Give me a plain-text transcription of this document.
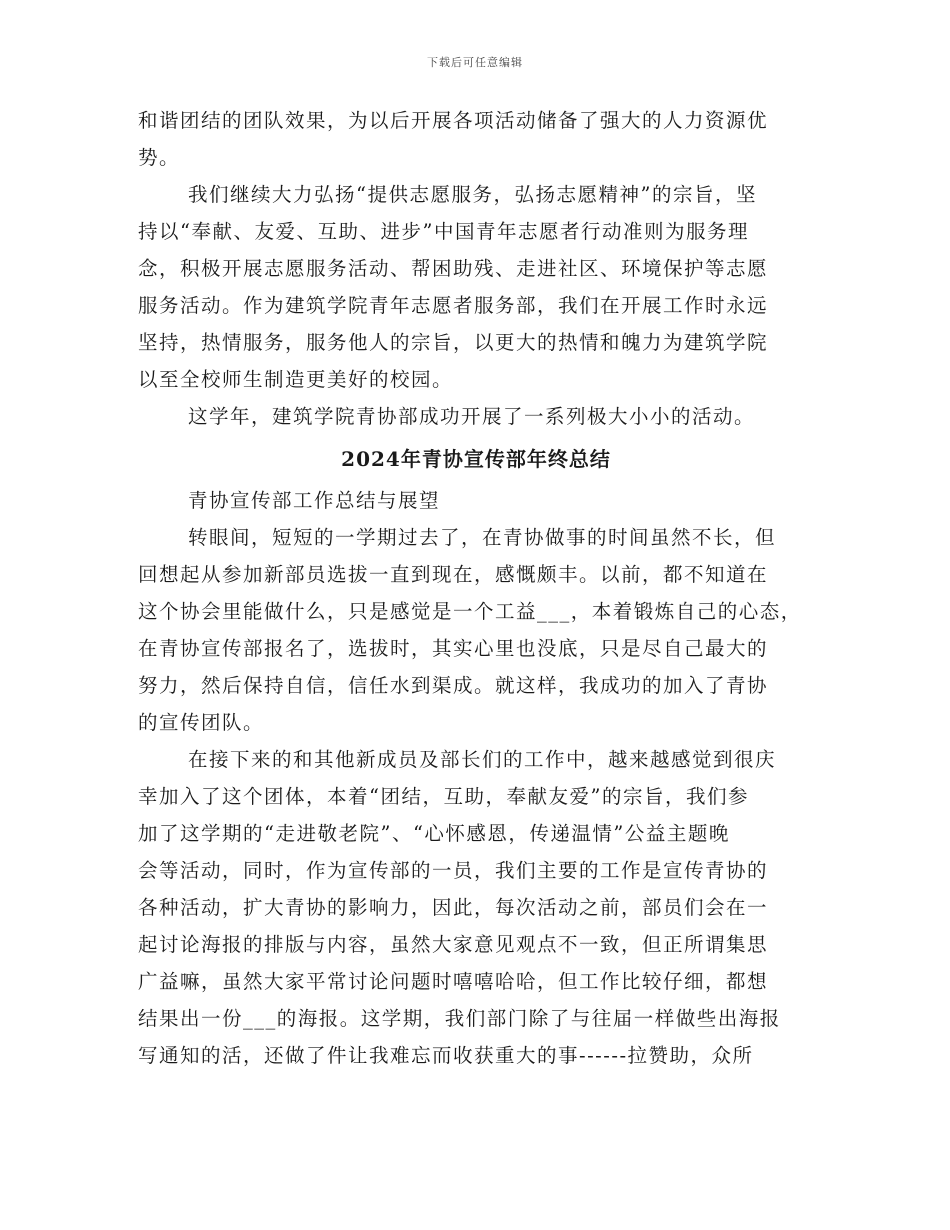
下载后可任意编辑
和谐团结的团队效果，为以后开展各项活动储备了强大的人力资源优
势。
我们继续大力弘扬“提供志愿服务，弘扬志愿精神”的宗旨，坚
持以“奉献、友爱、互助、进步”中国青年志愿者行动准则为服务理
念，积极开展志愿服务活动、帮困助残、走进社区、环境保护等志愿
服务活动。作为建筑学院青年志愿者服务部，我们在开展工作时永远
坚持，热情服务，服务他人的宗旨，以更大的热情和魄力为建筑学院
以至全校师生制造更美好的校园。
这学年，建筑学院青协部成功开展了一系列极大小小的活动。
2024年青协宣传部年终总结
青协宣传部工作总结与展望
转眼间，短短的一学期过去了，在青协做事的时间虽然不长，但
回想起从参加新部员选拔一直到现在，感慨颇丰。以前，都不知道在
这个协会里能做什么，只是感觉是一个工益___，本着锻炼自己的心态，
在青协宣传部报名了，选拔时，其实心里也没底，只是尽自己最大的
努力，然后保持自信，信任水到渠成。就这样，我成功的加入了青协
的宣传团队。
在接下来的和其他新成员及部长们的工作中，越来越感觉到很庆
幸加入了这个团体，本着“团结，互助，奉献友爱”的宗旨，我们参
加了这学期的“走进敬老院”、“心怀感恩，传递温情”公益主题晚
会等活动，同时，作为宣传部的一员，我们主要的工作是宣传青协的
各种活动，扩大青协的影响力，因此，每次活动之前，部员们会在一
起讨论海报的排版与内容，虽然大家意见观点不一致，但正所谓集思
广益嘛，虽然大家平常讨论问题时嘻嘻哈哈，但工作比较仔细，都想
结果出一份___的海报。这学期，我们部门除了与往届一样做些出海报
写通知的活，还做了件让我难忘而收获重大的事------拉赞助，众所
